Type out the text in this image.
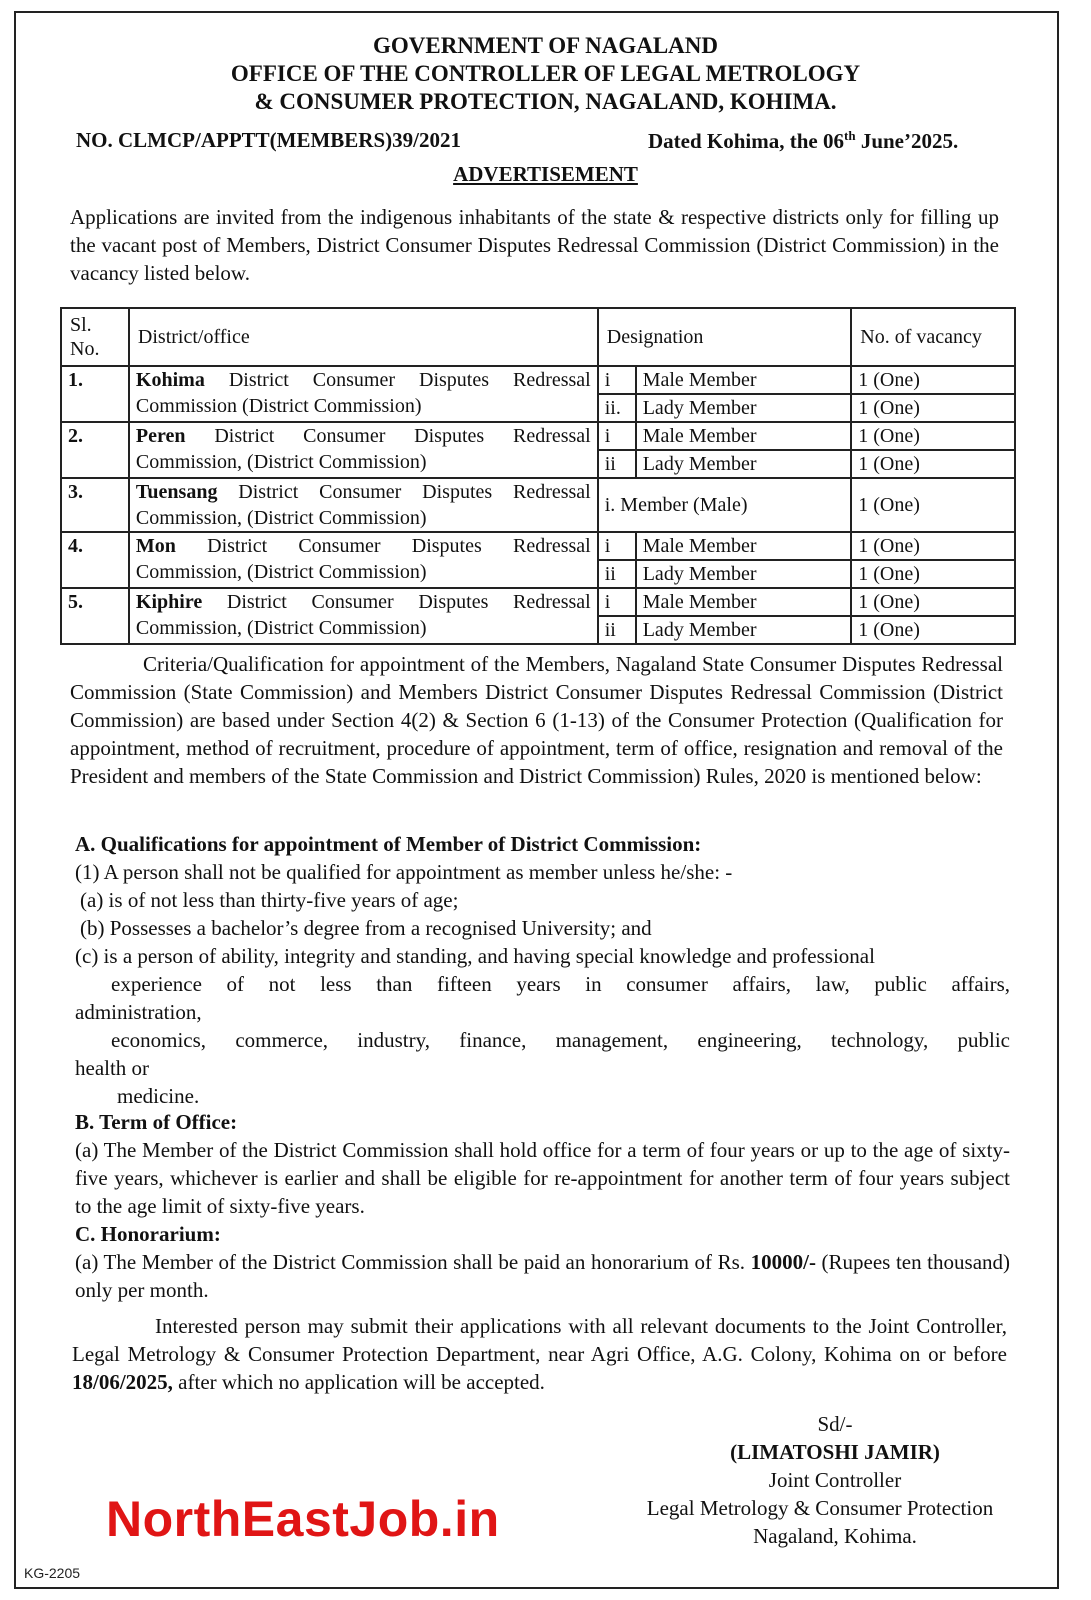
GOVERNMENT OF NAGALAND
OFFICE OF THE CONTROLLER OF LEGAL METROLOGY
& CONSUMER PROTECTION, NAGALAND, KOHIMA.
NO. CLMCP/APPTT(MEMBERS)39/2021	Dated Kohima, the 06th June’2025.
ADVERTISEMENT
Applications are invited from the indigenous inhabitants of the state & respective districts only for filling up the vacant post of Members, District Consumer Disputes Redressal Commission (District Commission) in the vacancy listed below.
Sl. No.	District/office	Designation		No. of vacancy
1.	Kohima District Consumer Disputes Redressal Commission (District Commission)	i	Male Member	1 (One)
		ii.	Lady Member	1 (One)
2.	Peren District Consumer Disputes Redressal Commission, (District Commission)	i	Male Member	1 (One)
		ii	Lady Member	1 (One)
3.	Tuensang District Consumer Disputes Redressal Commission, (District Commission)	i. Member (Male)		1 (One)
4.	Mon District Consumer Disputes Redressal Commission, (District Commission)	i	Male Member	1 (One)
		ii	Lady Member	1 (One)
5.	Kiphire District Consumer Disputes Redressal Commission, (District Commission)	i	Male Member	1 (One)
		ii	Lady Member	1 (One)
Criteria/Qualification for appointment of the Members, Nagaland State Consumer Disputes Redressal Commission (State Commission) and Members District Consumer Disputes Redressal Commission (District Commission) are based under Section 4(2) & Section 6 (1-13) of the Consumer Protection (Qualification for appointment, method of recruitment, procedure of appointment, term of office, resignation and removal of the President and members of the State Commission and District Commission) Rules, 2020 is mentioned below:
A. Qualifications for appointment of Member of District Commission:
(1) A person shall not be qualified for appointment as member unless he/she: -
(a) is of not less than thirty-five years of age;
(b) Possesses a bachelor’s degree from a recognised University; and
(c) is a person of ability, integrity and standing, and having special knowledge and professional
experience of not less than fifteen years in consumer affairs, law, public affairs,
administration,
economics, commerce, industry, finance, management, engineering, technology, public
health or
medicine.
B. Term of Office:
(a) The Member of the District Commission shall hold office for a term of four years or up to the age of sixty-five years, whichever is earlier and shall be eligible for re-appointment for another term of four years subject to the age limit of sixty-five years.
C. Honorarium:
(a) The Member of the District Commission shall be paid an honorarium of Rs. 10000/- (Rupees ten thousand) only per month.
Interested person may submit their applications with all relevant documents to the Joint Controller, Legal Metrology & Consumer Protection Department, near Agri Office, A.G. Colony, Kohima on or before 18/06/2025, after which no application will be accepted.
Sd/-
(LIMATOSHI JAMIR)
Joint Controller
Legal Metrology & Consumer Protection
Nagaland, Kohima.
NorthEastJob.in
KG-2205
